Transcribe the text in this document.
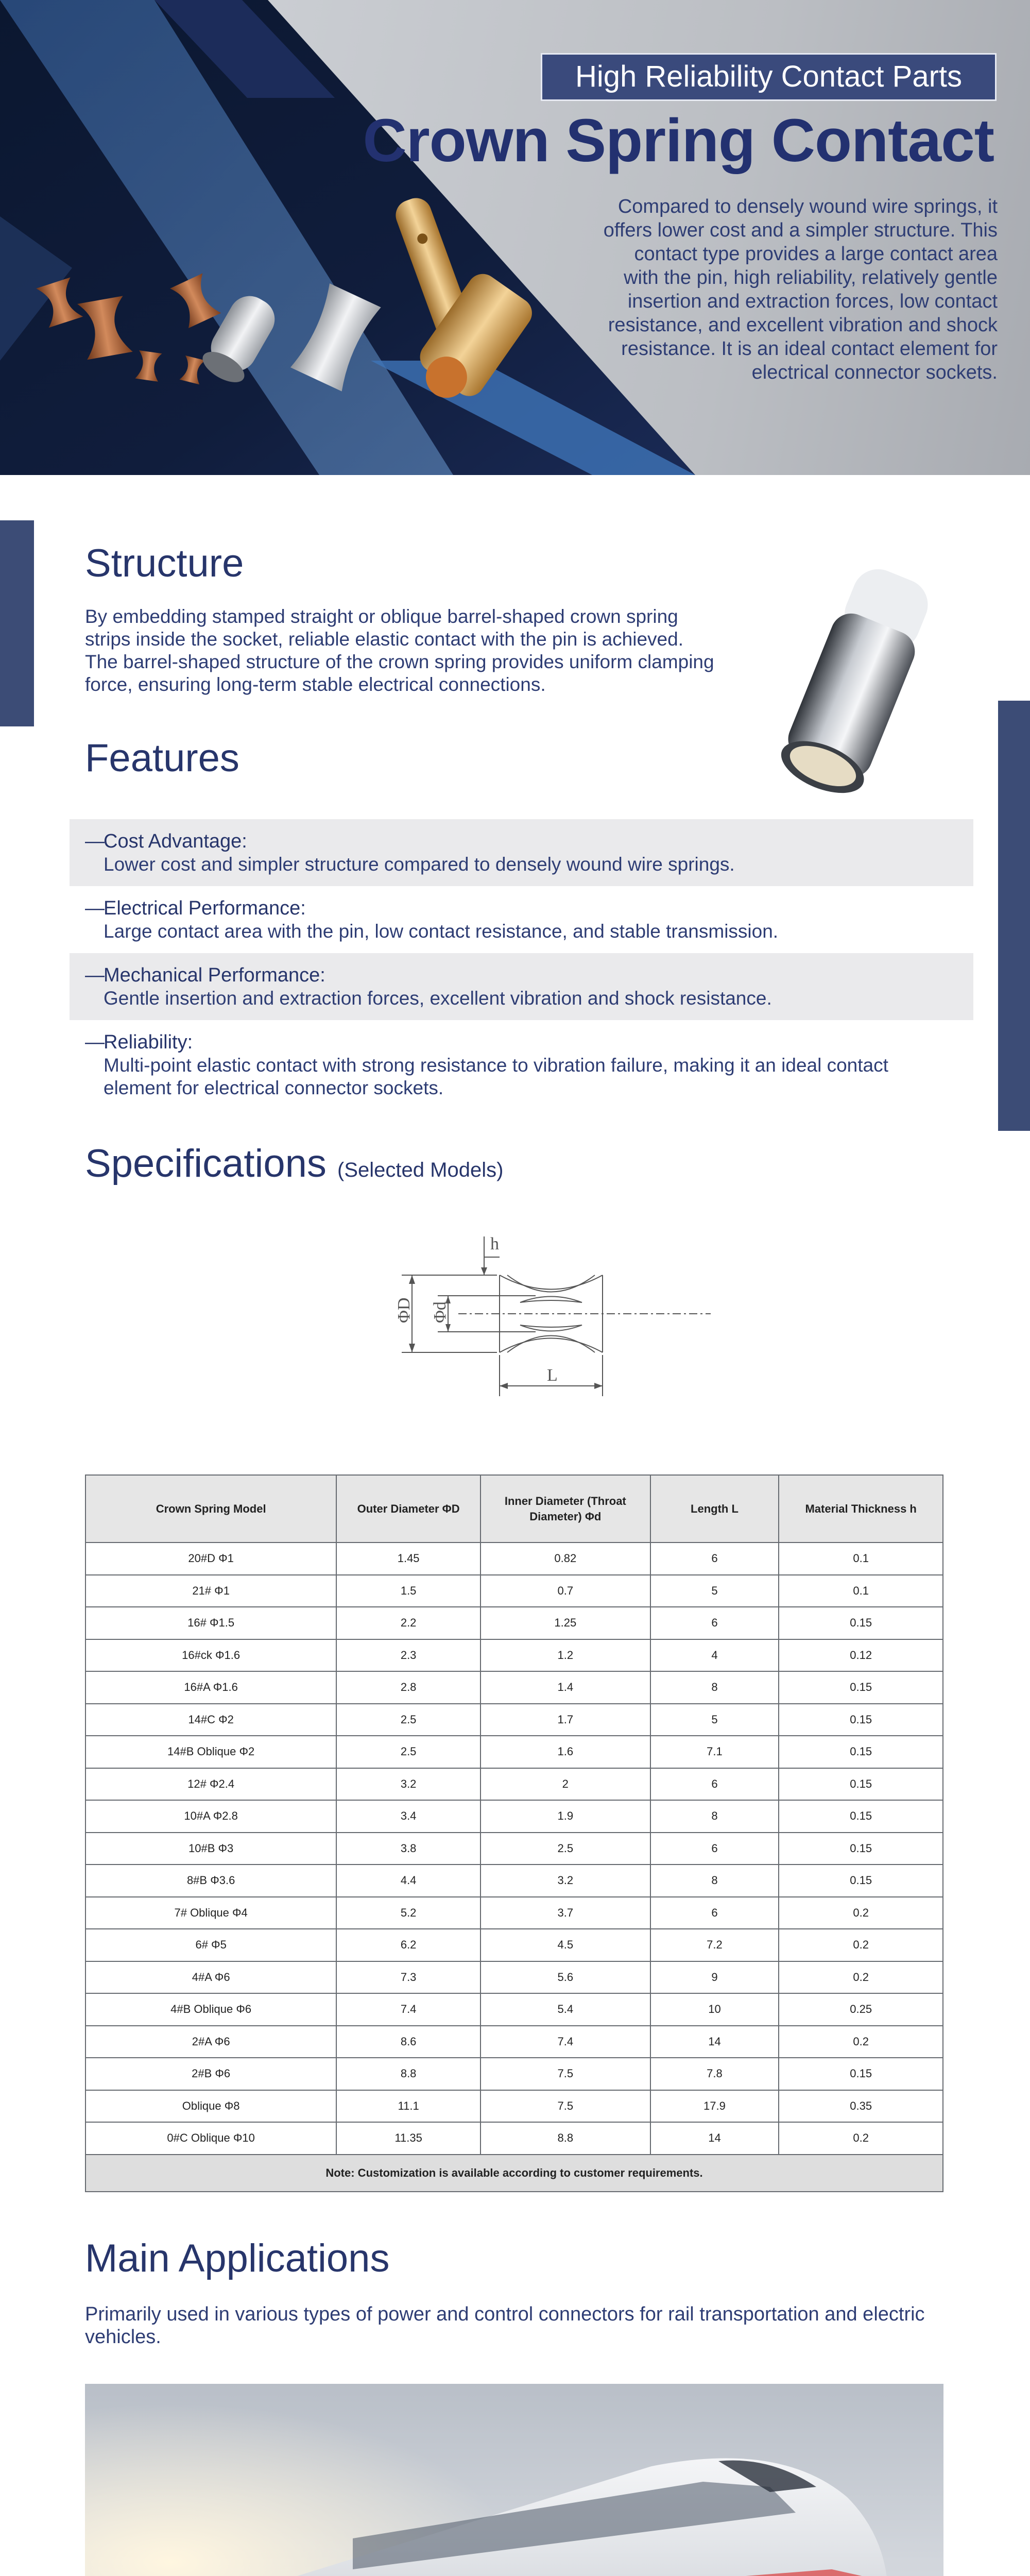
High Reliability Contact Parts
Crown Spring Contact
Compared to densely wound wire springs, it offers lower cost and a simpler structure. This contact type provides a large contact area with the pin, high reliability, relatively gentle insertion and extraction forces, low contact resistance, and excellent vibration and shock resistance. It is an ideal contact element for electrical connector sockets.
Structure
By embedding stamped straight or oblique barrel-shaped crown spring strips inside the socket, reliable elastic contact with the pin is achieved. The barrel-shaped structure of the crown spring provides uniform clamping force, ensuring long-term stable electrical connections.
Features
—
Cost Advantage:
Lower cost and simpler structure compared to densely wound wire springs.
—
Electrical Performance:
Large contact area with the pin, low contact resistance, and stable transmission.
—
Mechanical Performance:
Gentle insertion and extraction forces, excellent vibration and shock resistance.
—
Reliability:
Multi-point elastic contact with strong resistance to vibration failure, making it an ideal contact element for electrical connector sockets.
Specifications (Selected Models)
h
ΦD Φd
L
Crown Spring Model	Outer Diameter ΦD	Inner Diameter (Throat Diameter) Φd	Length L	Material Thickness h
20#D Φ1	1.45	0.82	6	0.1
21# Φ1	1.5	0.7	5	0.1
16# Φ1.5	2.2	1.25	6	0.15
16#ck Φ1.6	2.3	1.2	4	0.12
16#A Φ1.6	2.8	1.4	8	0.15
14#C Φ2	2.5	1.7	5	0.15
14#B Oblique Φ2	2.5	1.6	7.1	0.15
12# Φ2.4	3.2	2	6	0.15
10#A Φ2.8	3.4	1.9	8	0.15
10#B Φ3	3.8	2.5	6	0.15
8#B Φ3.6	4.4	3.2	8	0.15
7# Oblique Φ4	5.2	3.7	6	0.2
6# Φ5	6.2	4.5	7.2	0.2
4#A Φ6	7.3	5.6	9	0.2
4#B Oblique Φ6	7.4	5.4	10	0.25
2#A Φ6	8.6	7.4	14	0.2
2#B Φ6	8.8	7.5	7.8	0.15
Oblique Φ8	11.1	7.5	17.9	0.35
0#C Oblique Φ10	11.35	8.8	14	0.2
Note: Customization is available according to customer requirements.				
Main Applications
Primarily used in various types of power and control connectors for rail transportation and electric vehicles.
